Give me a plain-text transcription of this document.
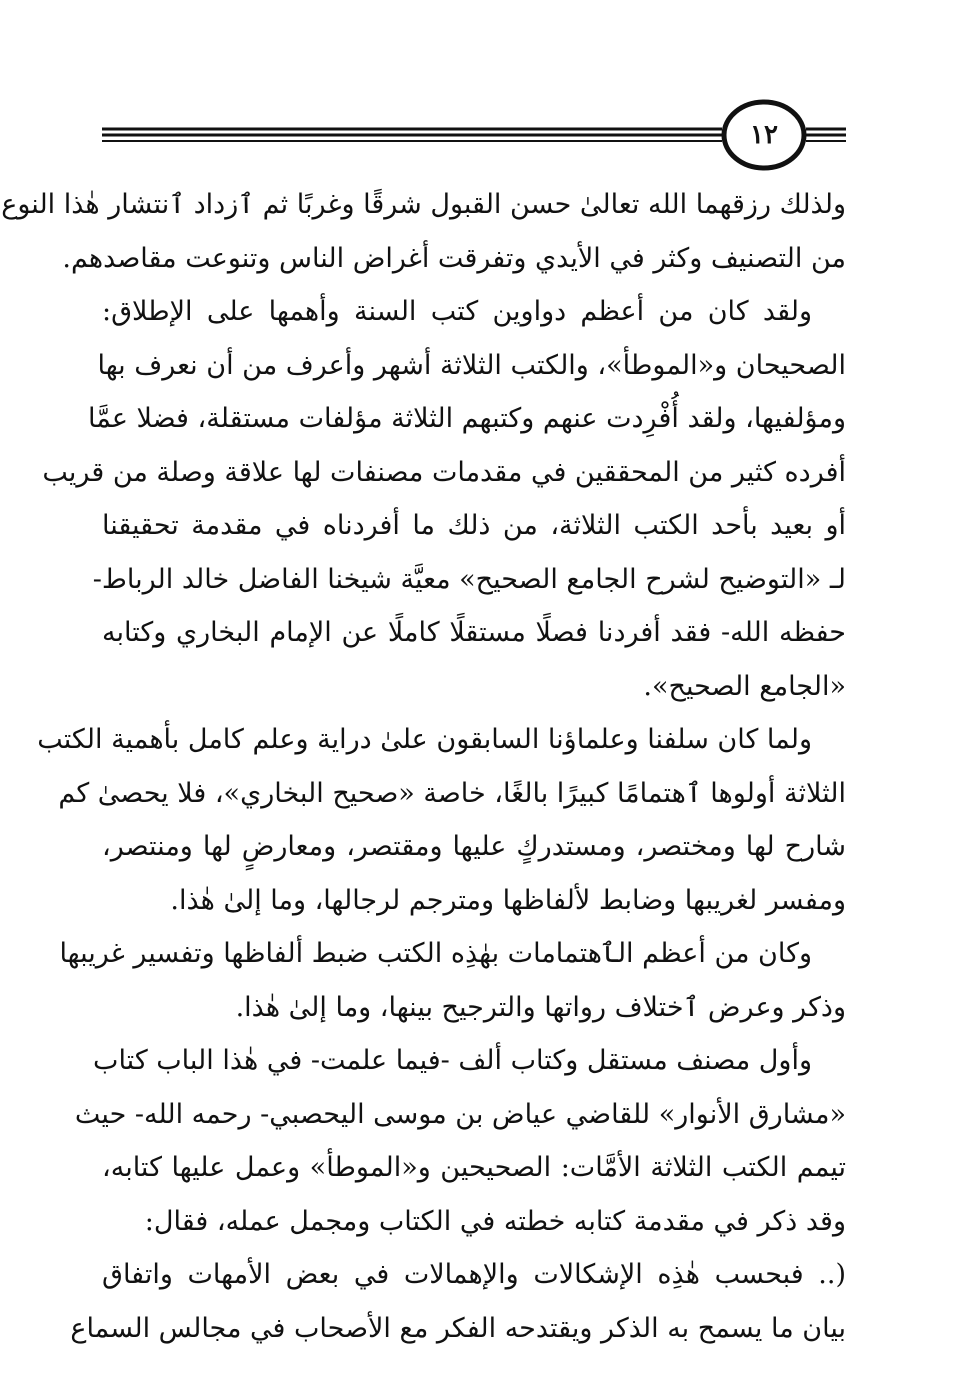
١٢
ولذلك رزقهما الله تعالىٰ حسن القبول شرقًا وغربًا ثم ٱزداد ٱنتشار هٰذا النوع
من التصنيف وكثر في الأيدي وتفرقت أغراض الناس وتنوعت مقاصدهم.
ولقد كان من أعظم دواوين كتب السنة وأهمها على الإطلاق:
الصحيحان و«الموطأ»، والكتب الثلاثة أشهر وأعرف من أن نعرف بها
ومؤلفيها، ولقد أُفْرِدت عنهم وكتبهم الثلاثة مؤلفات مستقلة، فضلا عمَّا
أفرده كثير من المحققين في مقدمات مصنفات لها علاقة وصلة من قريب
أو بعيد بأحد الكتب الثلاثة، من ذلك ما أفردناه في مقدمة تحقيقنا
لـ «التوضيح لشرح الجامع الصحيح» معيَّة شيخنا الفاضل خالد الرباط-
حفظه الله- فقد أفردنا فصلًا مستقلًا كاملًا عن الإمام البخاري وكتابه
«الجامع الصحيح».
ولما كان سلفنا وعلماؤنا السابقون علىٰ دراية وعلم كامل بأهمية الكتب
الثلاثة أولوها ٱهتمامًا كبيرًا بالغًا، خاصة «صحيح البخاري»، فلا يحصىٰ كم
شارح لها ومختصر، ومستدركٍ عليها ومقتصر، ومعارضٍ لها ومنتصر،
ومفسر لغريبها وضابط لألفاظها ومترجم لرجالها، وما إلىٰ هٰذا.
وكان من أعظم الٱهتمامات بهٰذِه الكتب ضبط ألفاظها وتفسير غريبها
وذكر وعرض ٱختلاف رواتها والترجيح بينها، وما إلىٰ هٰذا.
وأول مصنف مستقل وكتاب ألف -فيما علمت- في هٰذا الباب كتاب
«مشارق الأنوار» للقاضي عياض بن موسى اليحصبي- رحمه الله- حيث
تيمم الكتب الثلاثة الأمَّات: الصحيحين و«الموطأ» وعمل عليها كتابه،
وقد ذكر في مقدمة كتابه خطته في الكتاب ومجمل عمله، فقال:
(.. فبحسب هٰذِه الإشكالات والإهمالات في بعض الأمهات واتفاق
بيان ما يسمح به الذكر ويقتدحه الفكر مع الأصحاب في مجالس السماع
